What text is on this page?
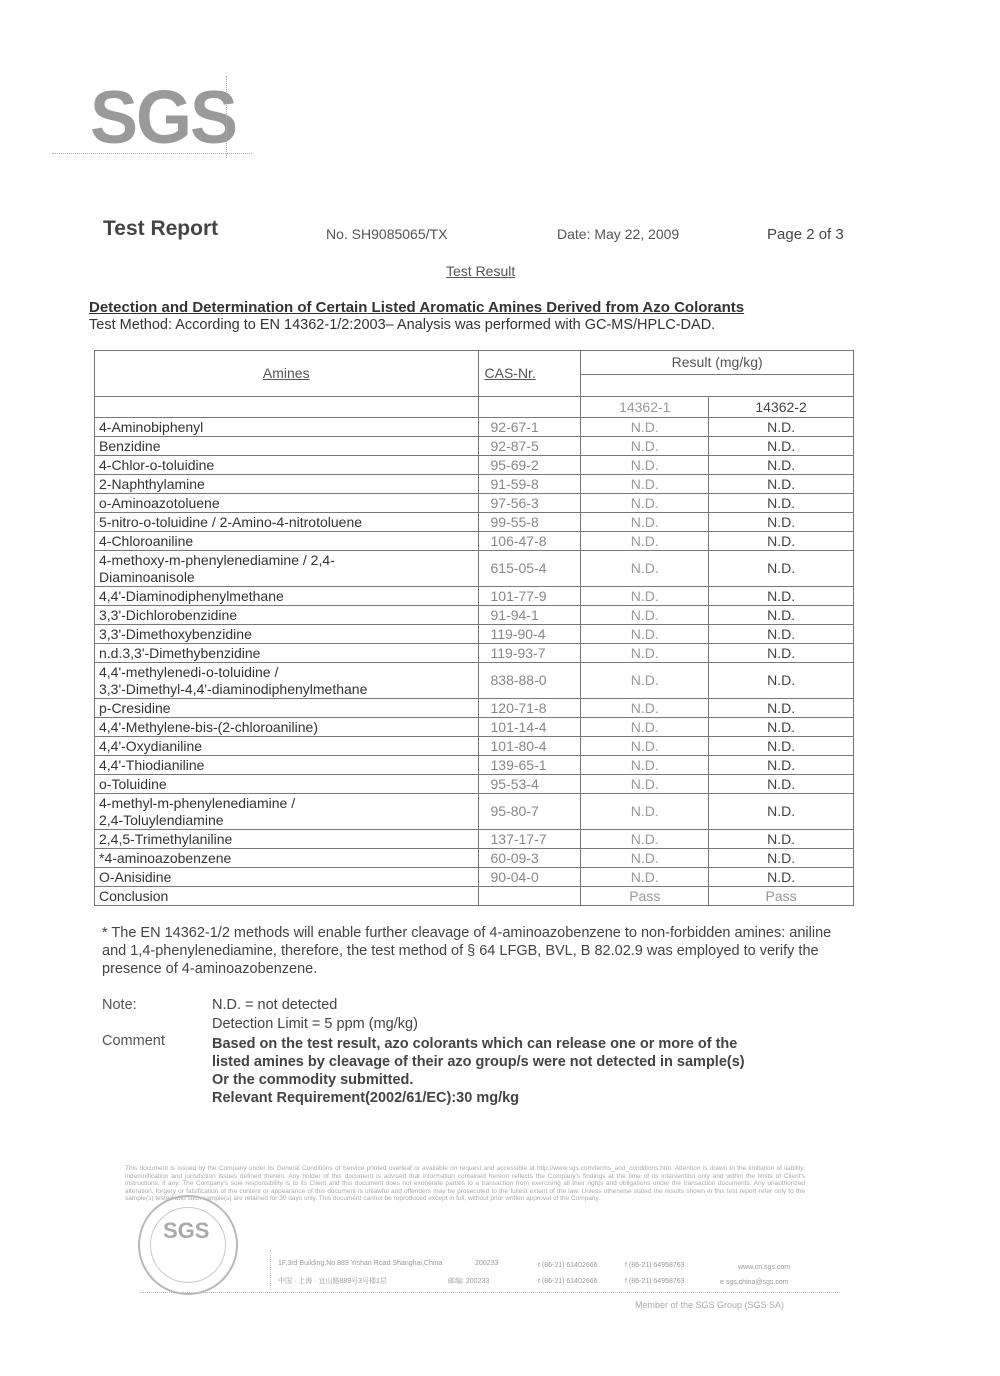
SGS
Test Report	No. SH9085065/TX	Date: May 22, 2009	Page 2 of 3
Test Result
Detection and Determination of Certain Listed Aromatic Amines Derived from Azo Colorants
Test Method: According to EN 14362-1/2:2003– Analysis was performed with GC-MS/HPLC-DAD.
Amines	CAS-Nr.	Result (mg/kg)	

		14362-1	14362-2
4-Aminobiphenyl	92-67-1	N.D.	N.D.
Benzidine	92-87-5	N.D.	N.D.
4-Chlor-o-toluidine	95-69-2	N.D.	N.D.
2-Naphthylamine	91-59-8	N.D.	N.D.
o-Aminoazotoluene	97-56-3	N.D.	N.D.
5-nitro-o-toluidine / 2-Amino-4-nitrotoluene	99-55-8	N.D.	N.D.
4-Chloroaniline	106-47-8	N.D.	N.D.

4-methoxy-m-phenylenediamine / 2,4-
Diaminoanisole	615-05-4	N.D.	N.D.
4,4'-Diaminodiphenylmethane	101-77-9	N.D.	N.D.
3,3'-Dichlorobenzidine	91-94-1	N.D.	N.D.
3,3'-Dimethoxybenzidine	119-90-4	N.D.	N.D.
n.d.3,3'-Dimethybenzidine	119-93-7	N.D.	N.D.

4,4'-methylenedi-o-toluidine /
3,3'-Dimethyl-4,4'-diaminodiphenylmethane	838-88-0	N.D.	N.D.
p-Cresidine	120-71-8	N.D.	N.D.
4,4'-Methylene-bis-(2-chloroaniline)	101-14-4	N.D.	N.D.
4,4'-Oxydianiline	101-80-4	N.D.	N.D.
4,4'-Thiodianiline	139-65-1	N.D.	N.D.
o-Toluidine	95-53-4	N.D.	N.D.

4-methyl-m-phenylenediamine /
2,4-Toluylendiamine	95-80-7	N.D.	N.D.
2,4,5-Trimethylaniline	137-17-7	N.D.	N.D.
*4-aminoazobenzene	60-09-3	N.D.	N.D.
O-Anisidine	90-04-0	N.D.	N.D.
Conclusion		Pass	Pass
* The EN 14362-1/2 methods will enable further cleavage of 4-aminoazobenzene to non-forbidden amines: aniline and 1,4-phenylenediamine, therefore, the test method of § 64 LFGB, BVL, B 82.02.9 was employed to verify the presence of 4-aminoazobenzene.
Note:	N.D. = not detected
Detection Limit = 5 ppm (mg/kg)
Comment	Based on the test result, azo colorants which can release one or more of the
listed amines by cleavage of their azo group/s were not detected in sample(s)
Or the commodity submitted.
Relevant Requirement(2002/61/EC):30 mg/kg
This document is issued by the Company under its General Conditions of Service printed overleaf or available on request and accessible at http://www.sgs.com/terms_and_conditions.htm. Attention is drawn to the limitation of liability, indemnification and jurisdiction issues defined therein. Any holder of this document is advised that information contained hereon reflects the Company's findings at the time of its intervention only and within the limits of Client's instructions, if any. The Company's sole responsibility is to its Client and this document does not exonerate parties to a transaction from exercising all their rights and obligations under the transaction documents. Any unauthorized alteration, forgery or falsification of the content or appearance of this document is unlawful and offenders may be prosecuted to the fullest extent of the law. Unless otherwise stated the results shown in this test report refer only to the sample(s) tested and such sample(s) are retained for 30 days only. This document cannot be reproduced except in full, without prior written approval of the Company.
SGS
1F,3rd Building,No.889 Yishan Road Shanghai,China	200233
中国 · 上海 · 宜山路889号3号楼1层	邮编: 200233
t (86-21) 61402666
t (86-21) 61402666
f (86-21) 64958763
f (86-21) 64958763
www.cn.sgs.com
e sgs.china@sgs.com
Member of the SGS Group (SGS SA)
